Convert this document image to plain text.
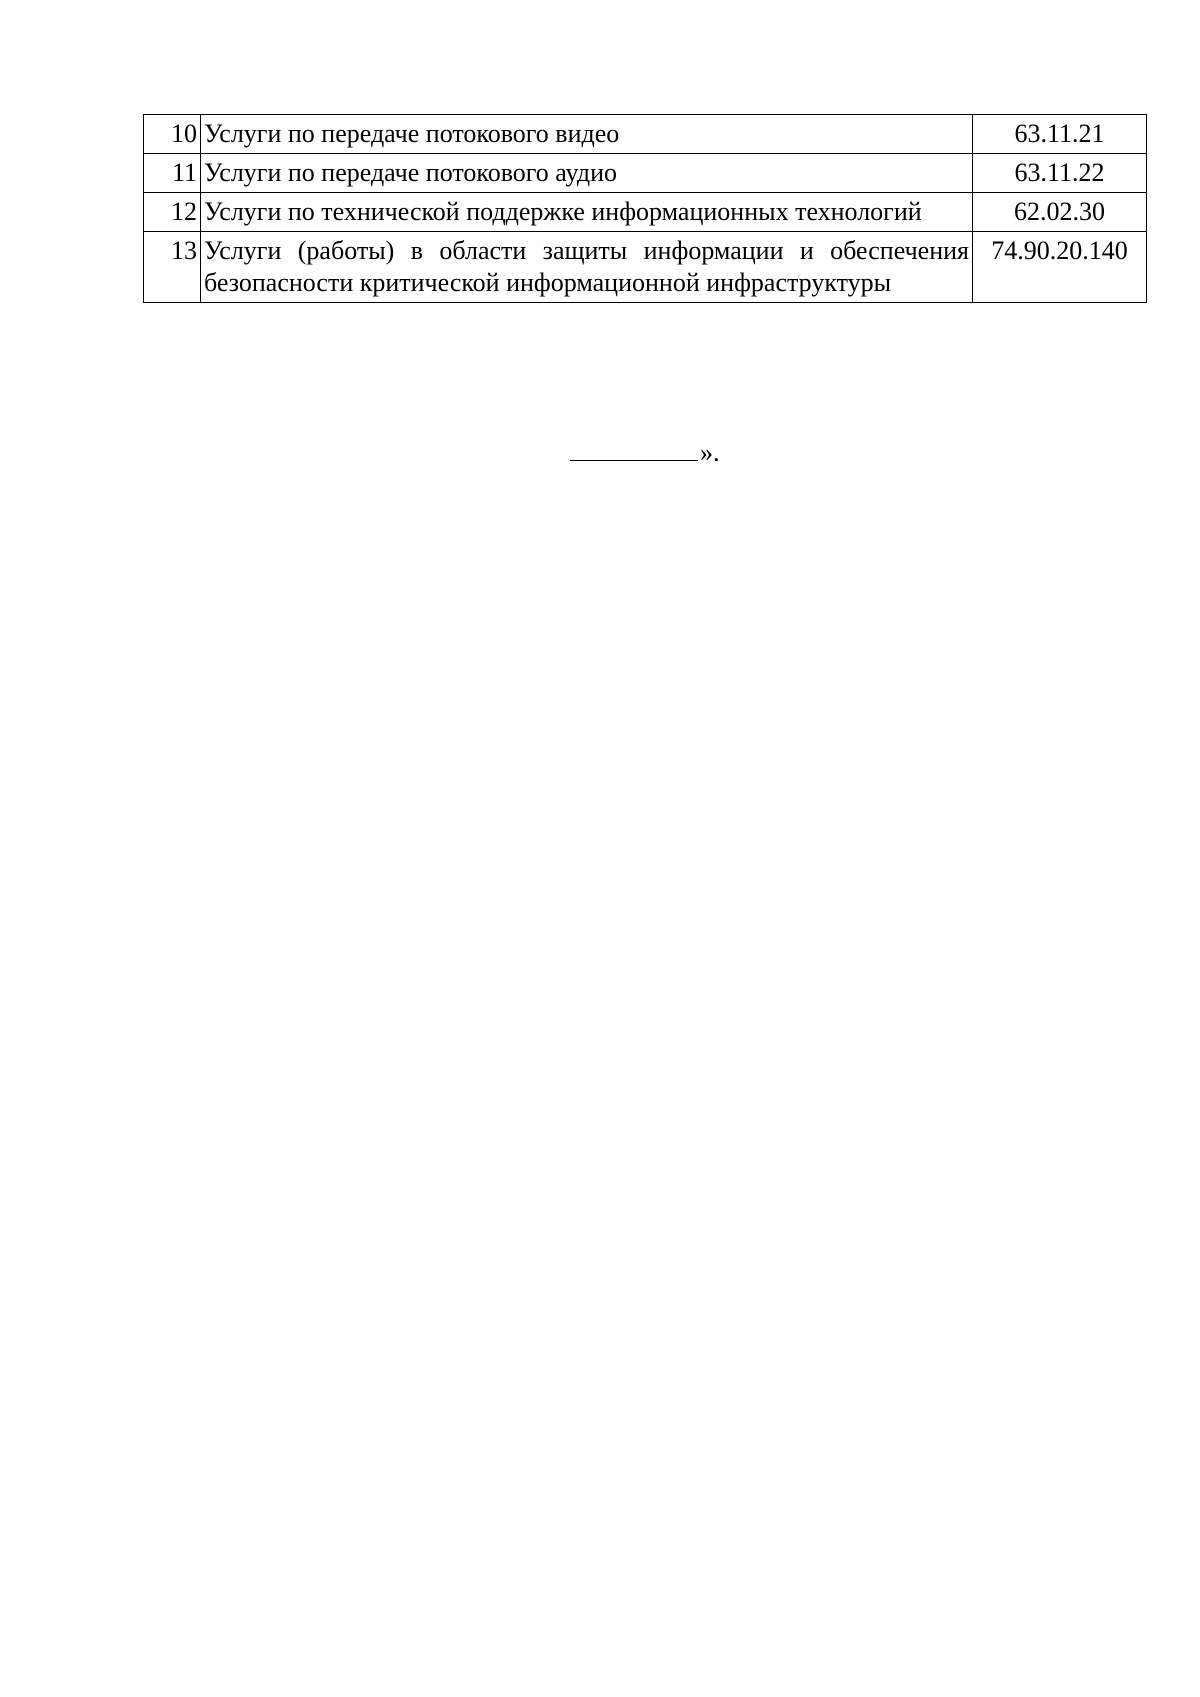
10	Услуги по передаче потокового видео	63.11.21
11	Услуги по передаче потокового аудио	63.11.22
12	Услуги по технической поддержке информационных технологий	62.02.30
13	Услуги (работы) в области защиты информации и обеспечения безопасности критической информационной инфраструктуры	74.90.20.140
».
